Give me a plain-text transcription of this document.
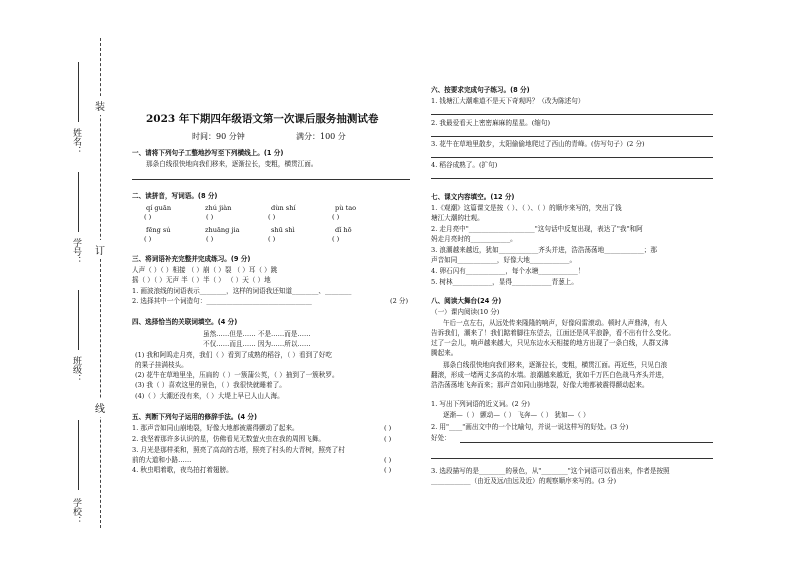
装
订
线
姓名：
学号：
班级：
学校：
2023 年下期四年级语文第一次课后服务抽测试卷
时间：90 分钟	满分：100 分
一、请将下列句子工整地抄写至下列横线上。(1 分)
那条白线很快地向我们移来，逐渐拉长，变粗，横贯江面。
二、读拼音，写词语。(8 分)
qí guān	zhú jiàn	dùn shí	pù tao
( )	( )	( )	( )
fēng sú	zhuāng jia	shū shì	dǐ hō
( )	( )	( )	( )
三、将词语补充完整并完成练习。(9 分)
人声（ ）（ ）相接 （ ）崩（ ）裂 （ ）耳（ ）跳
摇（ ）（ ）无声 半（ ）半（ ） （ ）天（ ）地
1. 画波浪线的词语表示________，这样的词语我还知道________、________
2. 选择其中一个词造句：________________________________	(2 分)
四、选择恰当的关联词填空。(4 分)
虽然……但是…… 不是……而是……
不仅……而且…… 因为……所以……
(1) 我和阿呜走月亮，我们（ ）看到了成熟的稻谷，（ ）看到了好吃
的果子挂满枝头。
(2) 花牛在草地里坐，压扁的（ ）一簇蒲公英，（ ）抽到了一簇秋罗。
(3) 我（ ）喜欢这里的景色，（ ）我很快就睡着了。
(4)（ ）大潮还没有来，（ ）大堤上早已人山人海。
五、判断下列句子运用的修辞手法。(4 分)
1. 那声音如同山崩地裂，好像大地都被震得颤动了起来。	( )
2. 我坚着那许多认识的星，仿佛看见无数萤火虫在我的周围飞舞。	( )
3. 月光是那样柔和，照亮了高高的古塔，照亮了村头的大青树，照亮了村
前的大道和小路……	( )
4. 秋虫唱着歌，夜鸟拍打着翅膀。	( )
六、按要求完成句子练习。(8 分)
1. 钱塘江大潮难道不是天下奇观吗？（改为陈述句）
2. 我最爱看天上密密麻麻的星星。(缩句)
3. 花牛在草地里散步，太阳偷偷地爬过了西山的青峰。(仿写句子）(2 分)
4. 稻谷成熟了。(扩句)
七、课文内容填空。(12 分)
1.《观潮》这篇课文是按（ ）、（ ）、（ ）的顺序来写的，突出了钱
塘江大潮的壮观。
2. 走月亮中"____________________"这句话中反复出现，表达了"我"和阿
妈走月亮时的____________。
3. 浪潮越来越近，犹如____________齐头并进，浩浩荡荡地____________；那
声音如同____________，好像大地____________。
4. 卵石闪有____________，每个水塘____________！
5. 树林____________，显得____________青葱上。
八、阅读大舞台(24 分)
（一）课内阅读(10 分)
午后一点左右，从远处传来隆隆的响声，好像闷雷滚动。顿时人声鼎沸，有人
告诉我们，潮来了！我们踮着脚往东望去，江面还是风平浪静，看不出有什么变化。
过了一会儿，响声越来越大，只见东边水天相接的地方出现了一条白线，人群又沸
腾起来。
那条白线很快地向我们移来，逐渐拉长，变粗，横贯江面。再近些，只见白浪
翻滚，形成一堵两丈多高的水墙。浪潮越来越近，犹如千万匹白色战马齐头并进，
浩浩荡荡地飞奔而来；那声音如同山崩地裂，好像大地都被震得颤动起来。
1. 写出下列词语的近义词。(2 分)
逐渐—（ ） 颤动—（ ） 飞奔—（ ） 犹如—（ ）
2. 用"____"画出文中的一个比喻句，并说一说这样写的好处。(3 分)
好处：
3. 选段描写的是________的景色，从"________"这个词语可以看出来，作者是按照
____________（由近及远/由远及近）的观察顺序来写的。(3 分)
